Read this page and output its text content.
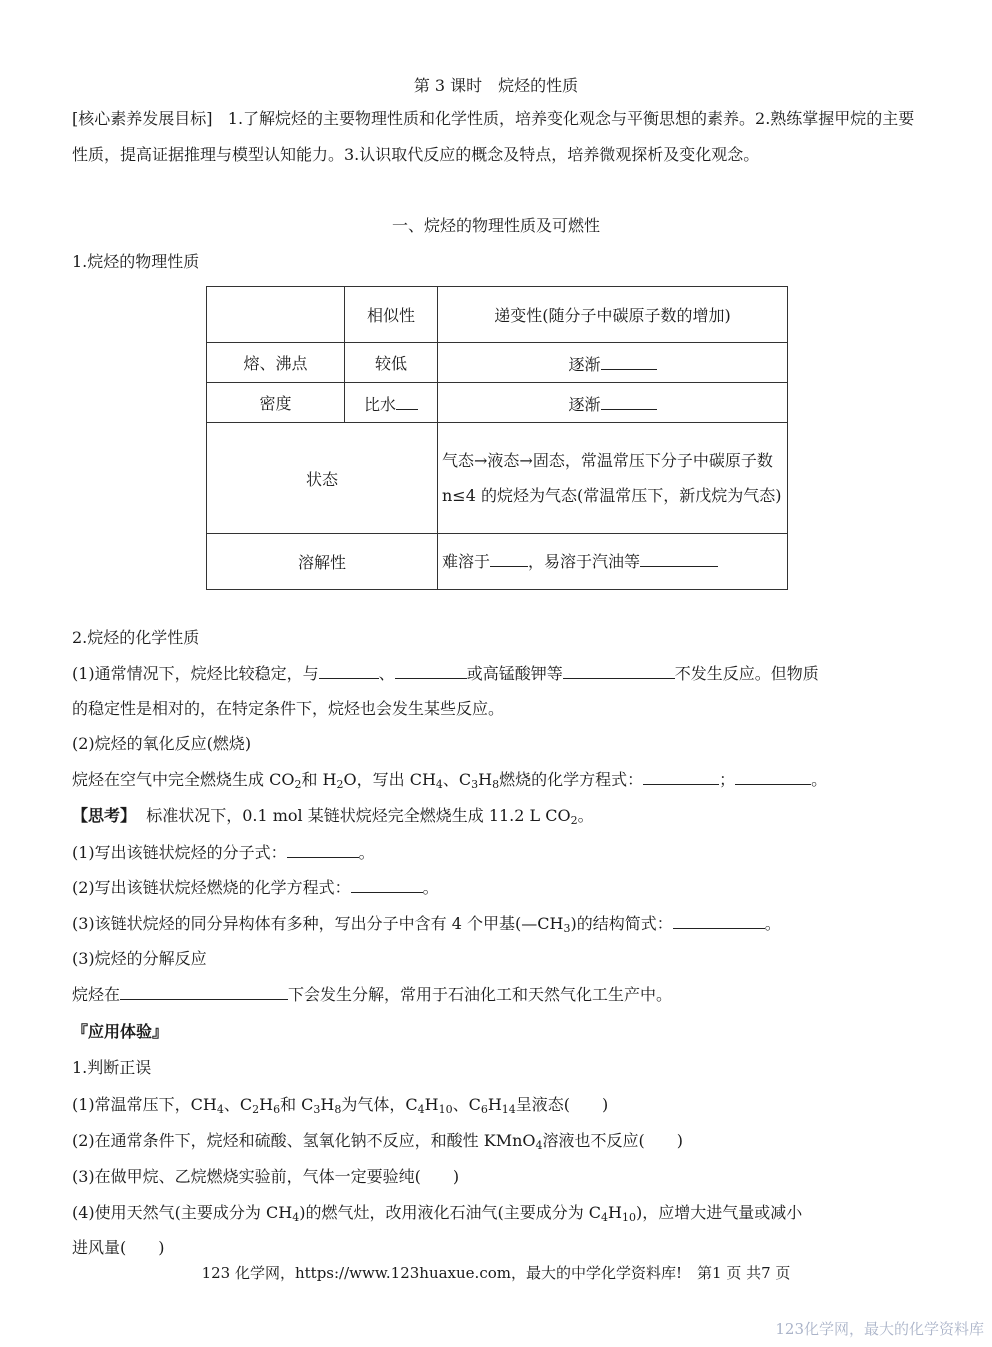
第 3 课时　烷烃的性质
[核心素养发展目标] 1.了解烷烃的主要物理性质和化学性质，培养变化观念与平衡思想的素养。2.熟练掌握甲烷的主要性质，提高证据推理与模型认知能力。3.认识取代反应的概念及特点，培养微观探析及变化观念。
一、烷烃的物理性质及可燃性
1.烷烃的物理性质
	相似性	递变性(随分子中碳原子数的增加)
熔、沸点	较低	逐渐
密度	比水	逐渐
状态		气态→液态→固态，常温常压下分子中碳原子数 n≤4 的烷烃为气态(常温常压下，新戊烷为气态)
溶解性		难溶于 ，易溶于汽油等
2.烷烃的化学性质
(1)通常情况下，烷烃比较稳定，与	、	或高锰酸钾等	不发生反应。但物质
的稳定性是相对的，在特定条件下，烷烃也会发生某些反应。
(2)烷烃的氧化反应(燃烧)
烷烃在空气中完全燃烧生成 $CO_2$和 $H_2O$，写出 $CH_4$、$C_3H_8$燃烧的化学方程式：	；	。
【思考】 标准状况下，0.1 mol 某链状烷烃完全燃烧生成 11.2 L $CO_2$。
(1)写出该链状烷烃的分子式：	。
(2)写出该链状烷烃燃烧的化学方程式：	。
(3)该链状烷烃的同分异构体有多种，写出分子中含有 4 个甲基$(—CH_3)$的结构简式：	。
(3)烷烃的分解反应
烷烃在	下会发生分解，常用于石油化工和天然气化工生产中。
『应用体验』
1.判断正误
(1)常温常压下，$CH_4$、$C_2H_6$和 $C_3H_8$为气体，$C_4H_{10}$、$C_6H_{14}$呈液态(　　)
(2)在通常条件下，烷烃和硫酸、氢氧化钠不反应，和酸性 KMnO$_4$溶液也不反应(　　)
(3)在做甲烷、乙烷燃烧实验前，气体一定要验纯(　　)
(4)使用天然气(主要成分为 $CH_4$)的燃气灶，改用液化石油气(主要成分为 $C_4H_{10}$)，应增大进气量或减小
进风量(　　)
123 化学网，https://www.123huaxue.com，最大的中学化学资料库!　第1 页 共7 页
123化学网，最大的化学资料库
